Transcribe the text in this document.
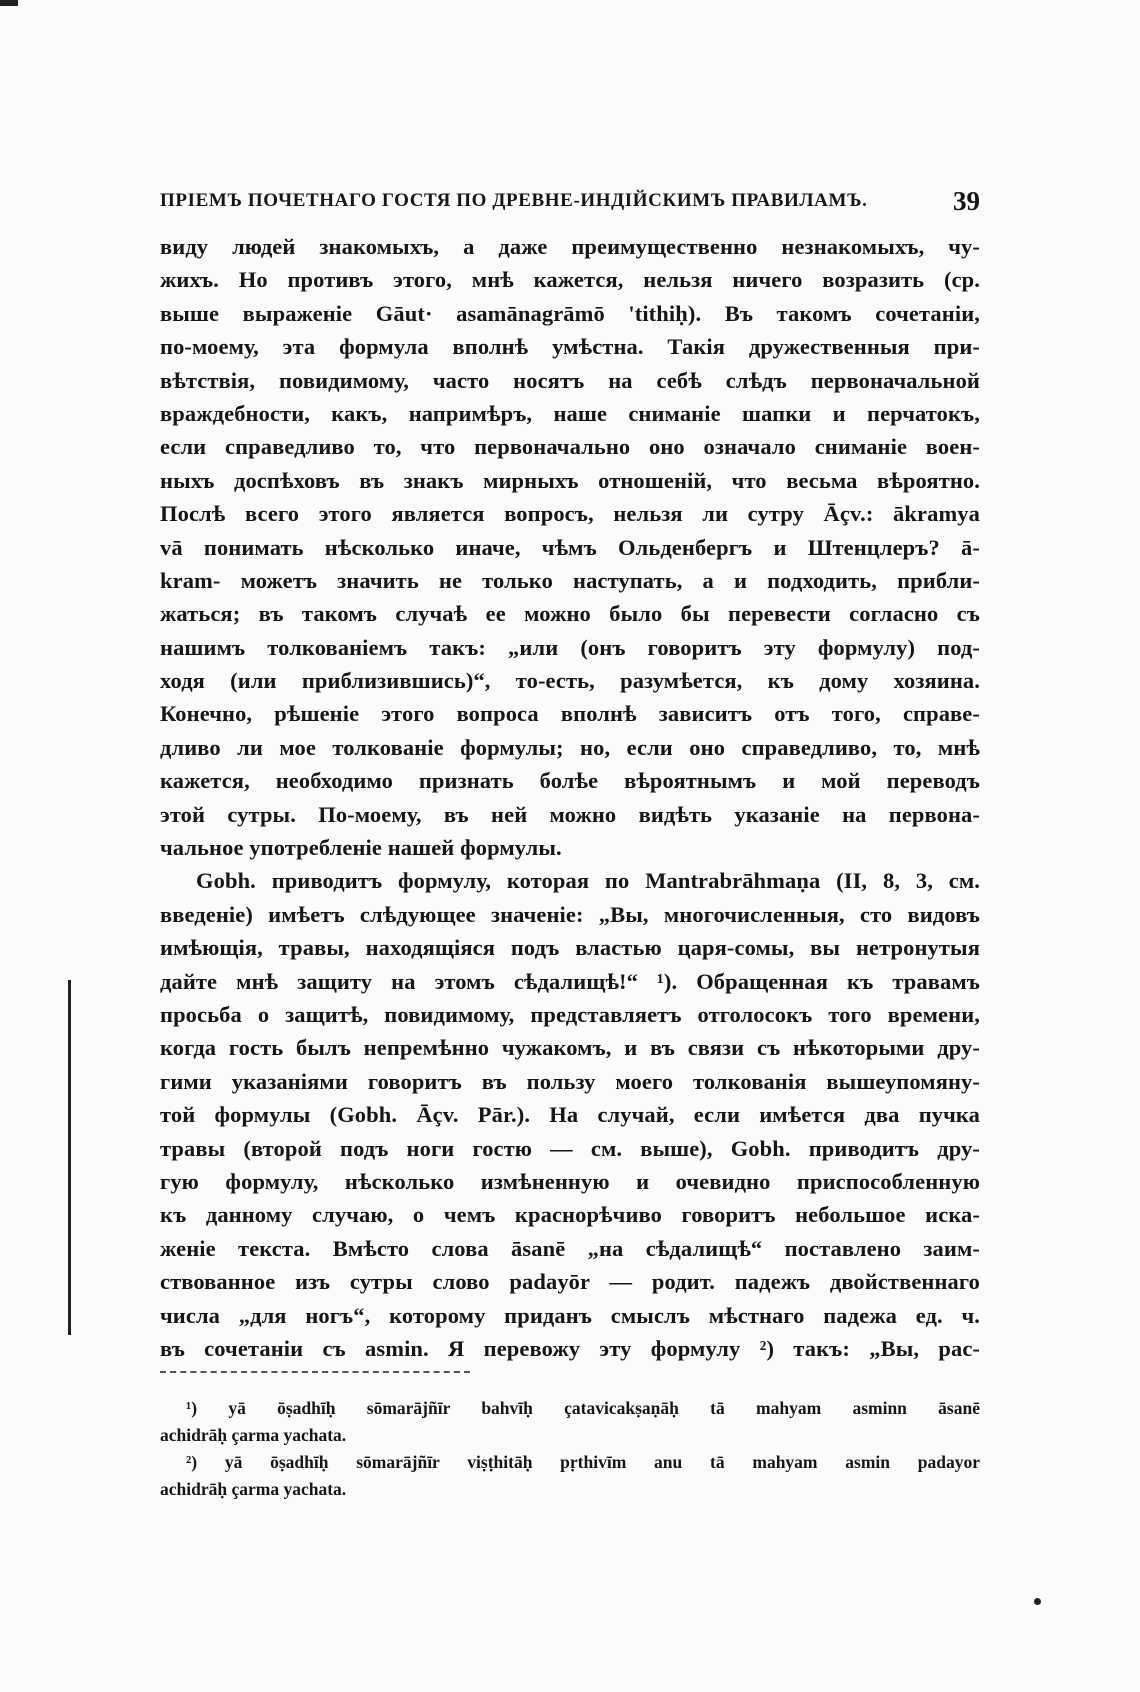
ПРІЕМЪ ПОЧЕТНАГО ГОСТЯ ПО ДРЕВНЕ-ИНДІЙСКИМЪ ПРАВИЛАМЪ.	39
виду людей знакомыхъ, а даже преимущественно незнакомыхъ, чу-
жихъ. Но противъ этого, мнѣ кажется, нельзя ничего возразить (ср.
выше выраженіе Gāut· asamānagrāmō 'tithiḥ). Въ такомъ сочетаніи,
по-моему, эта формула вполнѣ умѣстна. Такія дружественныя при-
вѣтствія, повидимому, часто носятъ на себѣ слѣдъ первоначальной
враждебности, какъ, напримѣръ, наше сниманіе шапки и перчатокъ,
если справедливо то, что первоначально оно означало сниманіе воен-
ныхъ доспѣховъ въ знакъ мирныхъ отношеній, что весьма вѣроятно.
Послѣ всего этого является вопросъ, нельзя ли сутру Āçv.: ākramya
vā понимать нѣсколько иначе, чѣмъ Ольденбергъ и Штенцлеръ? ā-
kram- можетъ значить не только наступать, а и подходить, прибли-
жаться; въ такомъ случаѣ ее можно было бы перевести согласно съ
нашимъ толкованіемъ такъ: „или (онъ говоритъ эту формулу) под-
ходя (или приблизившись)“, то-есть, разумѣется, къ дому хозяина.
Конечно, рѣшеніе этого вопроса вполнѣ зависитъ отъ того, справе-
дливо ли мое толкованіе формулы; но, если оно справедливо, то, мнѣ
кажется, необходимо признать болѣе вѣроятнымъ и мой переводъ
этой сутры. По-моему, въ ней можно видѣть указаніе на первона-
чальное употребленіе нашей формулы.
Gobh. приводитъ формулу, которая по Mantrabrāhmaṇa (II, 8, 3, см.
введеніе) имѣетъ слѣдующее значеніе: „Вы, многочисленныя, сто видовъ
имѣющія, травы, находящіяся подъ властью царя-сомы, вы нетронутыя
дайте мнѣ защиту на этомъ сѣдалищѣ!“ ¹). Обращенная къ травамъ
просьба о защитѣ, повидимому, представляетъ отголосокъ того времени,
когда гость былъ непремѣнно чужакомъ, и въ связи съ нѣкоторыми дру-
гими указаніями говоритъ въ пользу моего толкованія вышеупомяну-
той формулы (Gobh. Āçv. Pār.). На случай, если имѣется два пучка
травы (второй подъ ноги гостю — см. выше), Gobh. приводитъ дру-
гую формулу, нѣсколько измѣненную и очевидно приспособленную
къ данному случаю, о чемъ краснорѣчиво говоритъ небольшое иска-
женіе текста. Вмѣсто слова āsanē „на сѣдалищѣ“ поставлено заим-
ствованное изъ сутры слово padayōr — родит. падежъ двойственнаго
числа „для ногъ“, которому приданъ смыслъ мѣстнаго падежа ед. ч.
въ сочетаніи съ asmin. Я перевожу эту формулу ²) такъ: „Вы, рас-
¹) yā ōṣadhīḥ sōmarājñīr bahvīḥ çatavicakṣaṇāḥ tā mahyam asminn āsanē
achidrāḥ çarma yachata.
²) yā ōṣadhīḥ sōmarājñīr viṣṭhitāḥ pṛthivīm anu tā mahyam asmin padayor
achidrāḥ çarma yachata.
